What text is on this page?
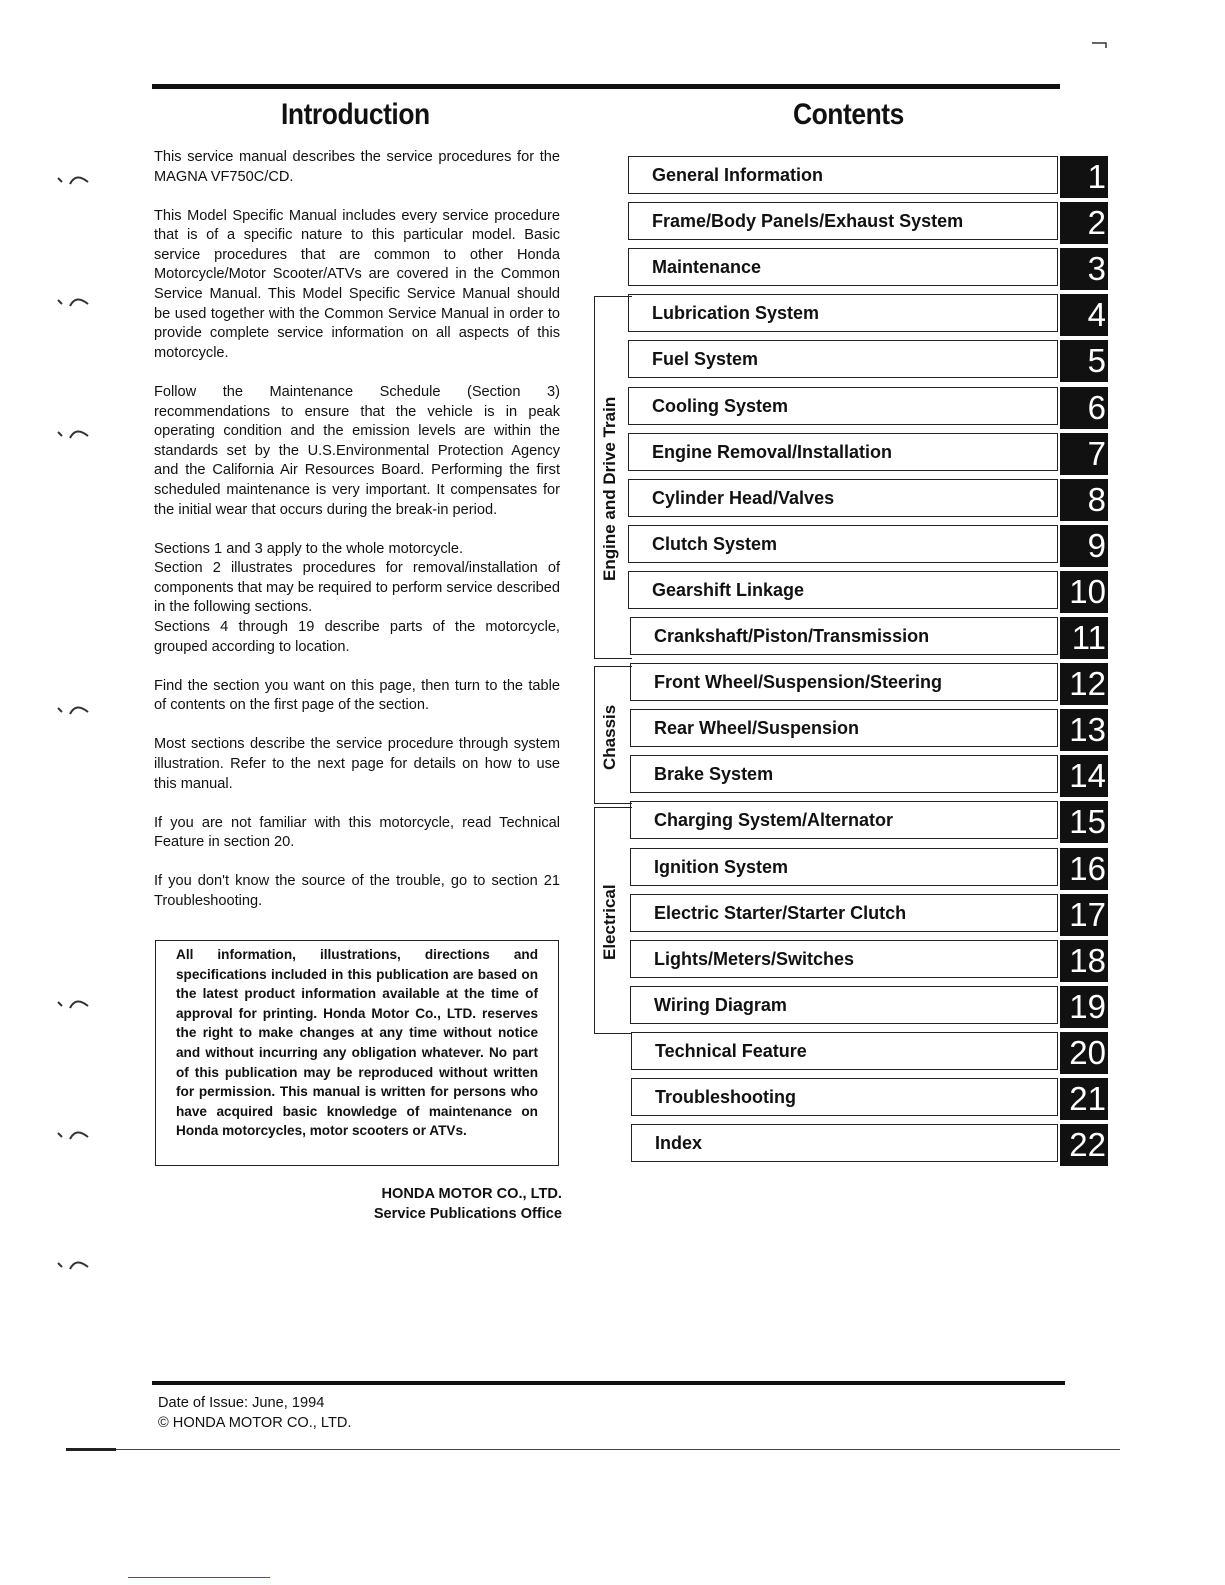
Introduction	Contents

This service manual describes the service procedures for the MAGNA VF750C/CD.

This Model Specific Manual includes every service procedure that is of a specific nature to this particular model. Basic service procedures that are common to other Honda Motorcycle/Motor Scooter/ATVs are covered in the Common Service Manual. This Model Specific Service Manual should be used together with the Common Service Manual in order to provide complete service information on all aspects of this motorcycle.

Follow the Maintenance Schedule (Section 3) recommendations to ensure that the vehicle is in peak operating condition and the emission levels are within the standards set by the U.S.Environmental Protection Agency and the California Air Resources Board. Performing the first scheduled maintenance is very important. It compensates for the initial wear that occurs during the break-in period.

Sections 1 and 3 apply to the whole motorcycle.

Section 2 illustrates procedures for removal/installation of components that may be required to perform service described in the following sections.

Sections 4 through 19 describe parts of the motorcycle, grouped according to location.

Find the section you want on this page, then turn to the table of contents on the first page of the section.

Most sections describe the service procedure through system illustration. Refer to the next page for details on how to use this manual.

If you are not familiar with this motorcycle, read Technical Feature in section 20.

If you don't know the source of the trouble, go to section 21 Troubleshooting.

All information, illustrations, directions and specifications included in this publication are based on the latest product information available at the time of approval for printing. Honda Motor Co., LTD. reserves the right to make changes at any time without notice and without incurring any obligation whatever. No part of this publication may be reproduced without written for permission. This manual is written for persons who have acquired basic knowledge of maintenance on Honda motorcycles, motor scooters or ATVs.
HONDA MOTOR CO., LTD.
Service Publications Office
Engine and Drive Train
Chassis
Electrical
General Information	1
Frame/Body Panels/Exhaust System	2
Maintenance	3
Lubrication System	4
Fuel System	5
Cooling System	6
Engine Removal/Installation	7
Cylinder Head/Valves	8
Clutch System	9
Gearshift Linkage	10
Crankshaft/Piston/Transmission	11
Front Wheel/Suspension/Steering	12
Rear Wheel/Suspension	13
Brake System	14
Charging System/Alternator	15
Ignition System	16
Electric Starter/Starter Clutch	17
Lights/Meters/Switches	18
Wiring Diagram	19
Technical Feature	20
Troubleshooting	21
Index	22
Date of Issue: June, 1994
© HONDA MOTOR CO., LTD.
